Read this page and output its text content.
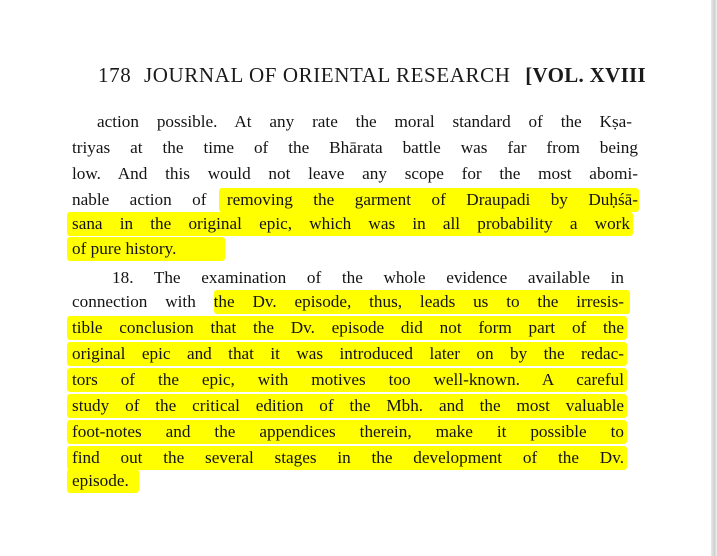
178 JOURNAL OF ORIENTAL RESEARCH [VOL. XVIII
action possible. At any rate the moral standard of the Kṣa-
triyas at the time of the Bhārata battle was far from being
low. And this would not leave any scope for the most abomi-
nable action of removing the garment of Draupadi by Duḥśā-
sana in the original epic, which was in all probability a work
of pure history.
18. The examination of the whole evidence available in
connection with the Dv. episode, thus, leads us to the irresis-
tible conclusion that the Dv. episode did not form part of the
original epic and that it was introduced later on by the redac-
tors of the epic, with motives too well-known. A careful
study of the critical edition of the Mbh. and the most valuable
foot-notes and the appendices therein, make it possible to
find out the several stages in the development of the Dv.
episode.
